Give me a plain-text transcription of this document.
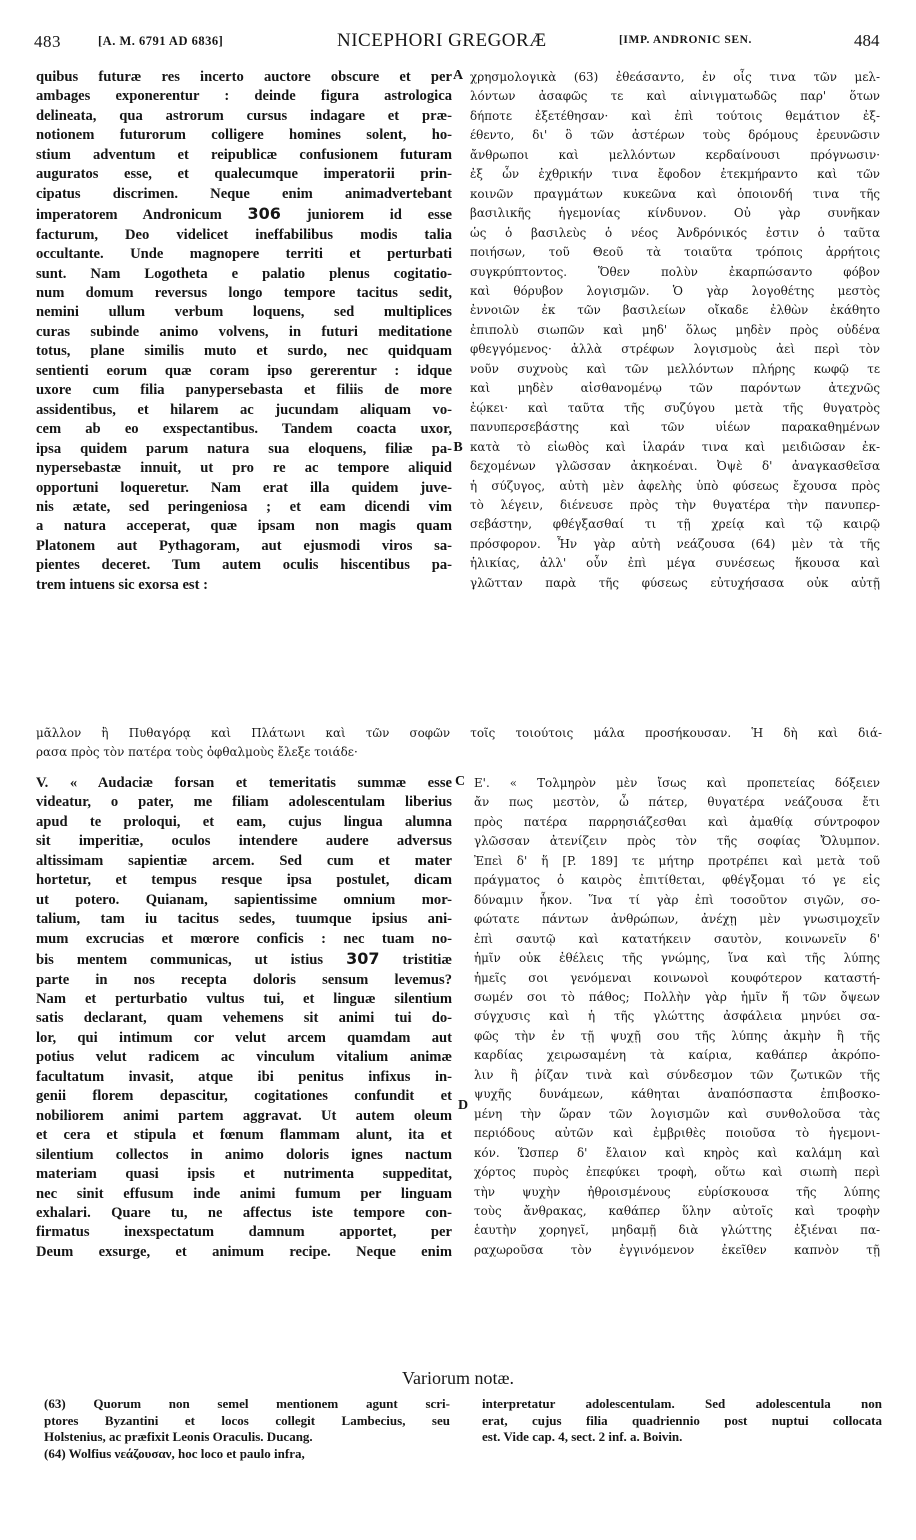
483	[A. M. 6791 AD 6836]	NICEPHORI GREGORÆ	[IMP. ANDRONIC SEN.	484
quibus futuræ res incerto auctore obscure et per
ambages exponerentur : deinde figura astrologica
delineata, qua astrorum cursus indagare et præ-
notionem futurorum colligere homines solent, ho-
stium adventum et reipublicæ confusionem futuram
auguratos esse, et qualecumque imperatorii prin-
cipatus discrimen. Neque enim animadvertebant
imperatorem Andronicum 306 juniorem id esse
facturum, Deo videlicet ineffabilibus modis talia
occultante. Unde magnopere territi et perturbati
sunt. Nam Logotheta e palatio plenus cogitatio-
num domum reversus longo tempore tacitus sedit,
nemini ullum verbum loquens, sed multiplices
curas subinde animo volvens, in futuri meditatione
totus, plane similis muto et surdo, nec quidquam
sentienti eorum quæ coram ipso gererentur : idque
uxore cum filia panypersebasta et filiis de more
assidentibus, et hilarem ac jucundam aliquam vo-
cem ab eo exspectantibus. Tandem coacta uxor,
ipsa quidem parum natura sua eloquens, filiæ pa-
nypersebastæ innuit, ut pro re ac tempore aliquid
opportuni loqueretur. Nam erat illa quidem juve-
nis ætate, sed peringeniosa ; et eam dicendi vim
a natura acceperat, quæ ipsam non magis quam
Platonem aut Pythagoram, aut ejusmodi viros sa-
pientes deceret. Tum autem oculis hiscentibus pa-
trem intuens sic exorsa est :
A
B
χρησμολογικὰ (63) ἐθεάσαντο, ἐν οἷς τινα τῶν μελ-
λόντων ἀσαφῶς τε καὶ αἰνιγματωδῶς παρ' ὅτων
δήποτε ἐξετέθησαν· καὶ ἐπὶ τούτοις θεμάτιον ἐξ-
έθεντο, δι' ὃ τῶν ἀστέρων τοὺς δρόμους ἐρευνῶσιν
ἄνθρωποι καὶ μελλόντων κερδαίνουσι πρόγνωσιν·
ἐξ ὧν ἐχθρικήν τινα ἔφοδον ἐτεκμήραντο καὶ τῶν
κοινῶν πραγμάτων κυκεῶνα καὶ ὁποιονδή τινα τῆς
βασιλικῆς ἡγεμονίας κίνδυνον. Οὐ γὰρ συνῆκαν
ὡς ὁ βασιλεὺς ὁ νέος Ἀνδρόνικός ἐστιν ὁ ταῦτα
ποιήσων, τοῦ Θεοῦ τὰ τοιαῦτα τρόποις ἀρρήτοις
συγκρύπτοντος. Ὅθεν πολὺν ἐκαρπώσαντο φόβον
καὶ θόρυβον λογισμῶν. Ὁ γὰρ λογοθέτης μεστὸς
ἐννοιῶν ἐκ τῶν βασιλείων οἴκαδε ἐλθὼν ἐκάθητο
ἐπιπολὺ σιωπῶν καὶ μηδ' ὅλως μηδὲν πρὸς οὐδένα
φθεγγόμενος· ἀλλὰ στρέφων λογισμοὺς ἀεὶ περὶ τὸν
νοῦν συχνοὺς καὶ τῶν μελλόντων πλήρης κωφῷ τε
καὶ μηδὲν αἰσθανομένῳ τῶν παρόντων ἀτεχνῶς
ἐῴκει· καὶ ταῦτα τῆς συζύγου μετὰ τῆς θυγατρὸς
πανυπερσεβάστης καὶ τῶν υἱέων παρακαθημένων
κατὰ τὸ εἰωθὸς καὶ ἱλαράν τινα καὶ μειδιῶσαν ἐκ-
δεχομένων γλῶσσαν ἀκηκοέναι. Ὀψὲ δ' ἀναγκασθεῖσα
ἡ σύζυγος, αὐτὴ μὲν ἀφελὴς ὑπὸ φύσεως ἔχουσα πρὸς
τὸ λέγειν, διένευσε πρὸς τὴν θυγατέρα τὴν πανυπερ-
σεβάστην, φθέγξασθαί τι τῇ χρείᾳ καὶ τῷ καιρῷ
πρόσφορον. Ἦν γὰρ αὐτὴ νεάζουσα (64) μὲν τὰ τῆς
ἡλικίας, ἀλλ' οὖν ἐπὶ μέγα συνέσεως ἥκουσα καὶ
γλῶτταν παρὰ τῆς φύσεως εὐτυχήσασα οὐκ αὐτῇ
μᾶλλον ἢ Πυθαγόρᾳ καὶ Πλάτωνι καὶ τῶν σοφῶν τοῖς τοιούτοις μάλα προσήκουσαν. Ἡ δὴ καὶ διά-
ρασα πρὸς τὸν πατέρα τοὺς ὀφθαλμοὺς ἔλεξε τοιάδε·
C
D
V. « Audaciæ forsan et temeritatis summæ esse
videatur, o pater, me filiam adolescentulam liberius
apud te proloqui, et eam, cujus lingua alumna
sit imperitiæ, oculos intendere audere adversus
altissimam sapientiæ arcem. Sed cum et mater
hortetur, et tempus resque ipsa postulet, dicam
ut potero. Quianam, sapientissime omnium mor-
talium, tam iu tacitus sedes, tuumque ipsius ani-
mum excrucias et mœrore conficis : nec tuam no-
bis mentem communicas, ut istius 307 tristitiæ
parte in nos recepta doloris sensum levemus?
Nam et perturbatio vultus tui, et linguæ silentium
satis declarant, quam vehemens sit animi tui do-
lor, qui intimum cor velut arcem quamdam aut
potius velut radicem ac vinculum vitalium animæ
facultatum invasit, atque ibi penitus infixus in-
genii florem depascitur, cogitationes confundit et
nobiliorem animi partem aggravat. Ut autem oleum
et cera et stipula et fœnum flammam alunt, ita et
silentium collectos in animo doloris ignes nactum
materiam quasi ipsis et nutrimenta suppeditat,
nec sinit effusum inde animi fumum per linguam
exhalari. Quare tu, ne affectus iste tempore con-
firmatus inexspectatum damnum apportet, per
Deum exsurge, et animum recipe. Neque enim
Ε'. « Τολμηρὸν μὲν ἴσως καὶ προπετείας δόξειεν
ἄν πως μεστὸν, ὦ πάτερ, θυγατέρα νεάζουσα ἔτι
πρὸς πατέρα παρρησιάζεσθαι καὶ ἀμαθίᾳ σύντροφον
γλῶσσαν ἀτενίζειν πρὸς τὸν τῆς σοφίας Ὄλυμπον.
Ἐπεὶ δ' ἥ [P. 189] τε μήτηρ προτρέπει καὶ μετὰ τοῦ
πράγματος ὁ καιρὸς ἐπιτίθεται, φθέγξομαι τό γε εἰς
δύναμιν ἧκον. Ἵνα τί γὰρ ἐπὶ τοσοῦτον σιγῶν, σο-
φώτατε πάντων ἀνθρώπων, ἀνέχῃ μὲν γνωσιμοχεῖν
ἐπὶ σαυτῷ καὶ κατατήκειν σαυτὸν, κοινωνεῖν δ'
ἡμῖν οὐκ ἐθέλεις τῆς γνώμης, ἵνα καὶ τῆς λύπης
ἡμεῖς σοι γενόμεναι κοινωνοὶ κουφότερον καταστή-
σωμέν σοι τὸ πάθος; Πολλὴν γὰρ ἡμῖν ἥ τῶν ὄψεων
σύγχυσις καὶ ἡ τῆς γλώττης ἀσφάλεια μηνύει σα-
φῶς τὴν ἐν τῇ ψυχῇ σου τῆς λύπης ἀκμὴν ἢ τῆς
καρδίας χειρωσαμένη τὰ καίρια, καθάπερ ἀκρόπο-
λιν ἢ ῥίζαν τινὰ καὶ σύνδεσμον τῶν ζωτικῶν τῆς
ψυχῆς δυνάμεων, κάθηται ἀναπόσπαστα ἐπιβοσκο-
μένη τὴν ὥραν τῶν λογισμῶν καὶ συνθολοῦσα τὰς
περιόδους αὐτῶν καὶ ἐμβριθὲς ποιοῦσα τὸ ἡγεμονι-
κόν. Ὥσπερ δ' ἔλαιον καὶ κηρὸς καὶ καλάμη καὶ
χόρτος πυρὸς ἐπεφύκει τροφὴ, οὕτω καὶ σιωπὴ περὶ
τὴν ψυχὴν ἠθροισμένους εὑρίσκουσα τῆς λύπης
τοὺς ἄνθρακας, καθάπερ ὕλην αὐτοῖς καὶ τροφὴν
ἑαυτὴν χορηγεῖ, μηδαμῇ διὰ γλώττης ἐξιέναι πα-
ραχωροῦσα τὸν ἐγγινόμενον ἐκεῖθεν καπνὸν τῇ
Variorum notæ.
(63) Quorum non semel mentionem agunt scri-
ptores Byzantini et locos collegit Lambecius, seu
Holstenius, ac præfixit Leonis Oraculis. Ducang.
(64) Wolfius νεάζουσαν, hoc loco et paulo infra,
interpretatur adolescentulam. Sed adolescentula non
erat, cujus filia quadriennio post nuptui collocata
est. Vide cap. 4, sect. 2 inf. a. Boivin.
